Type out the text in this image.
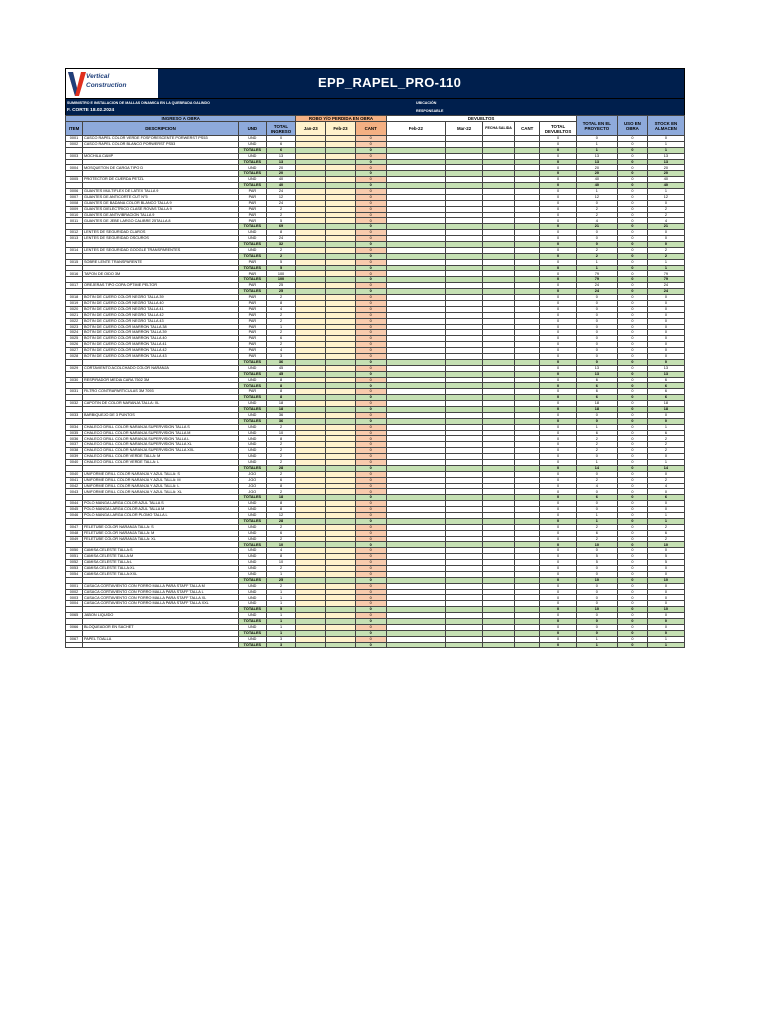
Vertical
Construction	EPP_RAPEL_PRO-110
SUMINISTRO E INSTALACION DE MALLAS DINAMICA EN LA QUEBRADA GALINDO
F. CORTE 18.02.2024
UBICACIÓN
RESPONSABLE
INGRESO A OBRA				ROBO Y/O PERDIDA EN OBRA			DEVUELTOS					TOTAL EN EL PROYECTO	USO EN OBRA	STOCK EN ALMACEN
ITEM	DESCRIPCION	UND	TOTAL INGRESO	Jan-23	Feb-23	CANT	Feb-22	Mar-22	FECHA SALIDA	CANT	TOTAL DEVUELTOS			
0001	CASCO RAPEL COLOR VERDE FOSFORESCENTE PORWERST PS53	UND	0			0					0	0	0	0
0002	CASCO RAPEL COLOR BLANCO PORWERST PS53	UND	6			0					0	1	0	1
		TOTALES	6			0					0	1	0	1
0003	MOCHILA CAMP	UND	13			0					0	13	0	13
		TOTALES	13			0					0	13	0	13
0004	MOSQUETON DE CARGA TIPO D	UND	20			0					0	20	0	20
		TOTALES	20			0					0	20	0	20
0005	PROTECTOR DE CUERDA PETZL	UND	40			0					0	40	0	40
		TOTALES	40			0					0	40	0	40
0006	GUANTES MULTIFLEX DE LATEX TALLA 9	PAR	24			0					0	1	0	1
0007	GUANTES DE ANTICORTE CUT N°5	PAR	12			0					0	12	0	12
0008	GUANTES DE BADANA COLOR BLANCO TALLA 9	PAR	24			0					0	0	0	0
0009	GUANTES DIELECTRICO CLASE ROVAS TALLA 9	PAR	2			0					0	2	0	2
0010	GUANTES DE ANTIVIBRACION TALLA 9	PAR	2			0					0	2	0	2
0011	GUANTES DE JEBE LARGO CALIBRE 25TALLA 8	PAR	5			0					0	4	0	4
		TOTALES	69			0					0	21	0	21
0012	LENTES DE SEGURIDAD CLAROS	UND	8			0					0	0	0	0
0013	LENTES DE SEGURIDAD OSCUROS	UND	24			0					0	0	0	0
		TOTALES	32			0					0	0	0	0
0014	LENTES DE SEGURIDAD GOOGLE TRANSPARENTES	UND	2			0					0	2	0	2
		TOTALES	2			0					0	2	0	2
0015	SOBRE LENTE TRANSPARENTE	PAR	5			0					0	1	0	1
		TOTALES	5			0					0	1	0	1
0016	TAPON DE OIDO 3M	PAR	100			0					0	79	0	79
		TOTALES	100			0					0	79	0	79
0017	OREJERAS TIPO COPA OPTIME PELTOR	PAR	25			0					0	24	0	24
		TOTALES	25			0					0	24	0	24
0018	BOTIN DE CUERO COLOR NEGRO TALLA 39	PAR	2			0					0	0	0	0
0019	BOTIN DE CUERO COLOR NEGRO TALLA 40	PAR	8			0					0	0	0	0
0020	BOTIN DE CUERO COLOR NEGRO TALLA 41	PAR	4			0					0	0	0	0
0021	BOTIN DE CUERO COLOR NEGRO TALLA 42	PAR	2			0					0	0	0	0
0022	BOTIN DE CUERO COLOR NEGRO TALLA 43	PAR	2			0					0	0	0	0
0023	BOTIN DE CUERO COLOR MARRON TALLA 38	PAR	1			0					0	0	0	0
0024	BOTIN DE CUERO COLOR MARRON TALLA 39	PAR	2			0					0	0	0	0
0025	BOTIN DE CUERO COLOR MARRON TALLA 40	PAR	6			0					0	0	0	0
0026	BOTIN DE CUERO COLOR MARRON TALLA 41	PAR	2			0					0	0	0	0
0027	BOTIN DE CUERO COLOR MARRON TALLA 42	PAR	4			0					0	0	0	0
0028	BOTIN DE CUERO COLOR MARRON TALLA 43	PAR	3			0					0	0	0	0
		TOTALES	36			0					0	0	0	0
0029	CORTAVIENTO ACOLCHADO COLOR NARANJA	UND	45			0					0	13	0	13
		TOTALES	45			0					0	13	0	13
0030	RESPIRADOR MEDIA CARA 7502 3M	UND	8			0					0	6	0	6
		TOTALES	8			0					0	6	0	6
0031	FILTRO CONTRAPARTICULAS 3M 7093	PAR	8			0					0	6	0	6
		TOTALES	8			0					0	6	0	6
0032	CAPOTIN DE COLOR NARANJA TALLA: XL	UND	18			0					0	18	0	18
		TOTALES	18			0					0	18	0	18
0033	BARBIQUEJO DE 3 PUNTOS	UND	36			0					0	0	0	0
		TOTALES	36			0					0	0	0	0
0034	CHALECO DRILL COLOR NARANJA SUPERVISION TALLA S	UND	2			0					0	1	0	1
0035	CHALECO DRILL COLOR NARANJA SUPERVISION TALLA M	UND	10			0					0	6	0	6
0036	CHALECO DRILL COLOR NARANJA SUPERVISION TALLA L	UND	8			0					0	2	0	2
0037	CHALECO DRILL COLOR NARANJA SUPERVISION TALLA XL	UND	2			0					0	2	0	2
0038	CHALECO DRILL COLOR NARANJA SUPERVISION TALLA XXL	UND	2			0					0	2	0	2
0039	CHALECO DRILL COLOR VERDE TALLA: M	UND	2			0					0	0	0	0
0040	CHALECO DRILL COLOR VERDE TALLA: L	UND	2			0					0	1	0	1
		TOTALES	28			0					0	14	0	14
0040	UNIFORME DRILL COLOR NARANJA Y AZUL TALLA: S	JGO	2			0					0	0	0	0
0041	UNIFORME DRILL COLOR NARANJA Y AZUL TALLA: M	JGO	6			0					0	2	0	2
0042	UNIFORME DRILL COLOR NARANJA Y AZUL TALLA: L	JGO	8			0					0	4	0	4
0043	UNIFORME DRILL COLOR NARANJA Y AZUL TALLA: XL	JGO	2			0					0	0	0	0
		TOTALES	18			0					0	6	0	6
0044	POLO MANGA LARGA COLOR AZUL TALLA S	UND	8			0					0	0	0	0
0045	POLO MANGA LARGA COLOR AZUL TALLA M	UND	8			0					0	0	0	0
0046	POLO MANGA LARGA COLOR PLOMO TALLA L	UND	12			0					0	1	0	1
		TOTALES	28			0					0	1	0	1
0047	FELETUBE COLOR NARANJA TALLA: S	UND	2			0					0	2	0	2
0048	FELETUBE COLOR NARANJA TALLA: M	UND	6			0					0	6	0	6
0049	FELETUBE COLOR NARANJA TALLA: XL	UND	2			0					0	2	0	2
		TOTALES	10			0					0	10	0	10
0050	CAMISA CELESTE TALLA:S	UND	4			0					0	0	0	0
0051	CAMISA CELESTE TALLA:M	UND	8			0					0	5	0	5
0052	CAMISA CELESTE TALLA:L	UND	10			0					0	5	0	5
0053	CAMISA CELESTE TALLA:XL	UND	2			0					0	0	0	0
0054	CAMISA CELESTE TALLA:XXL	UND	1			0					0	0	0	0
		TOTALES	25			0					0	10	0	10
0001	CASACA CORTAVIENTO CON FORRO MALLA PARA STAFF TALLA M	UND	2			0					0	0	0	0
0002	CASACA CORTAVIENTO CON FORRO MALLA PARA STAFF TALLA L	UND	1			0					0	0	0	0
0003	CASACA CORTAVIENTO CON FORRO MALLA PARA STAFF TALLA XL	UND	1			0					0	0	0	0
0004	CASACA CORTAVIENTO CON FORRO MALLA PARA STAFF TALLA XXL	UND	1			0					0	0	0	0
		TOTALES	5			0					0	10	0	10
0065	JABON LIQUIDO	UND	1			0					0	0	0	0
		TOTALES	1			0					0	0	0	0
0066	BLOQUEADOR EN SACHET	UND	1			0					0	0	0	0
		TOTALES	1			0					0	0	0	0
0067	PAPEL TOALLA	UND	3			0					0	1	0	1
		TOTALES	3			0					0	1	0	1
